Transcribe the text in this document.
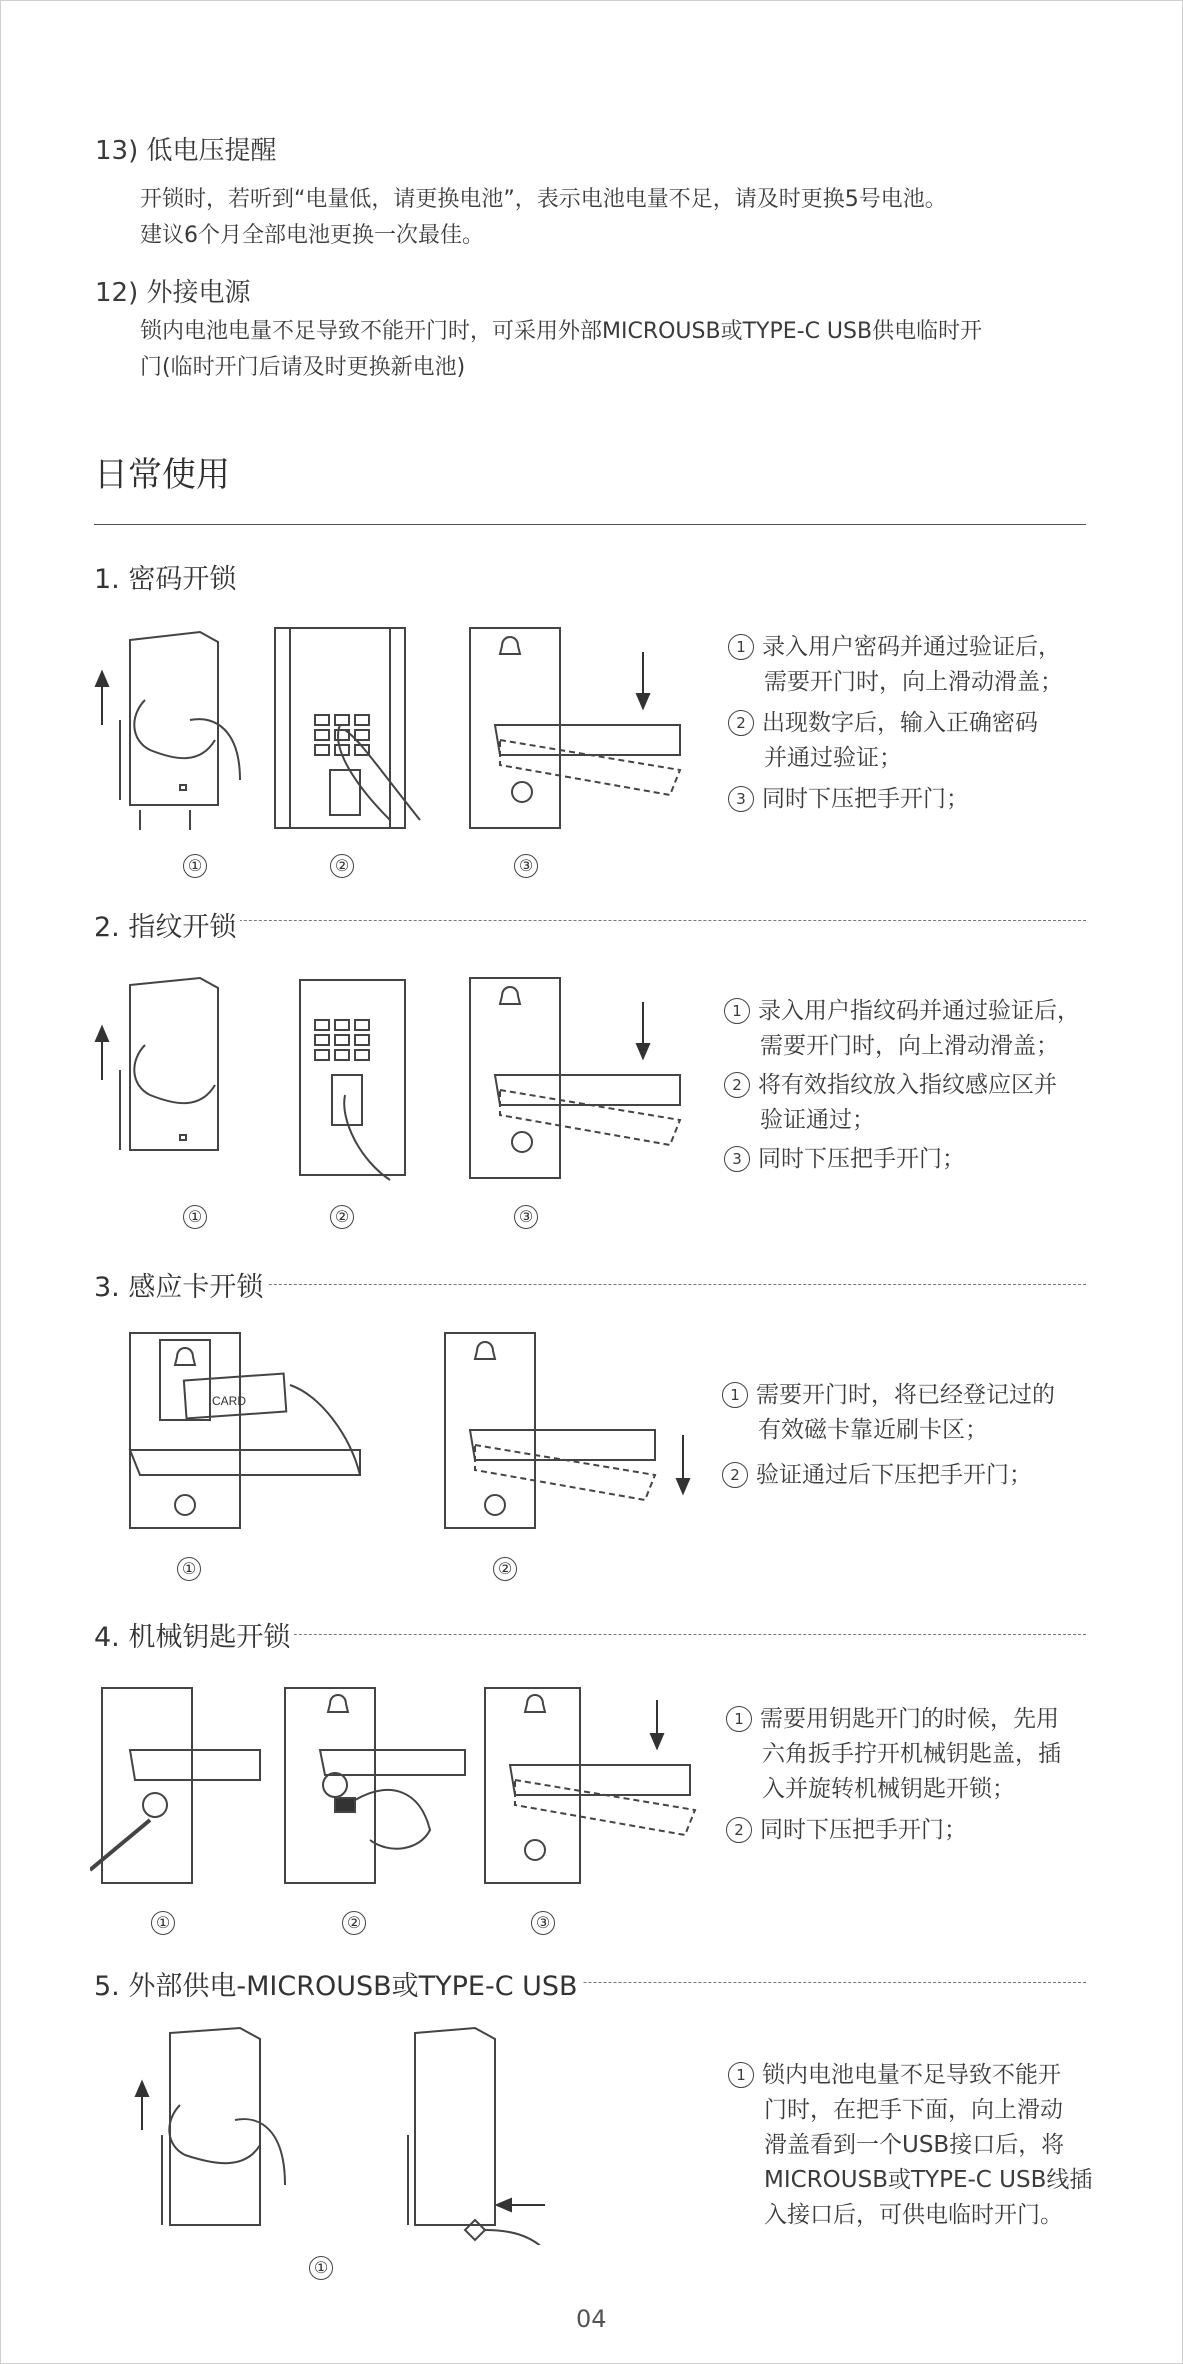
13) 低电压提醒
开锁时，若听到“电量低，请更换电池”，表示电池电量不足，请及时更换5号电池。
建议6个月全部电池更换一次最佳。
12) 外接电源
锁内电池电量不足导致不能开门时，可采用外部MICROUSB或TYPE-C USB供电临时开
门(临时开门后请及时更换新电池)
日常使用
1. 密码开锁
①	②	③
1 录入用户密码并通过验证后，
需要开门时，向上滑动滑盖；
2 出现数字后，输入正确密码
并通过验证；
3 同时下压把手开门；
2. 指纹开锁
①	②	③
1 录入用户指纹码并通过验证后，
需要开门时，向上滑动滑盖；
2 将有效指纹放入指纹感应区并
验证通过；
3 同时下压把手开门；
3. 感应卡开锁
CARD
①	②
1 需要开门时，将已经登记过的
有效磁卡靠近刷卡区；
2 验证通过后下压把手开门；
4. 机械钥匙开锁
①	②	③
1 需要用钥匙开门的时候，先用
六角扳手拧开机械钥匙盖，插
入并旋转机械钥匙开锁；
2 同时下压把手开门；
5. 外部供电-MICROUSB或TYPE-C USB
①
1 锁内电池电量不足导致不能开
门时，在把手下面，向上滑动
滑盖看到一个USB接口后，将
MICROUSB或TYPE-C USB线插
入接口后，可供电临时开门。
04
